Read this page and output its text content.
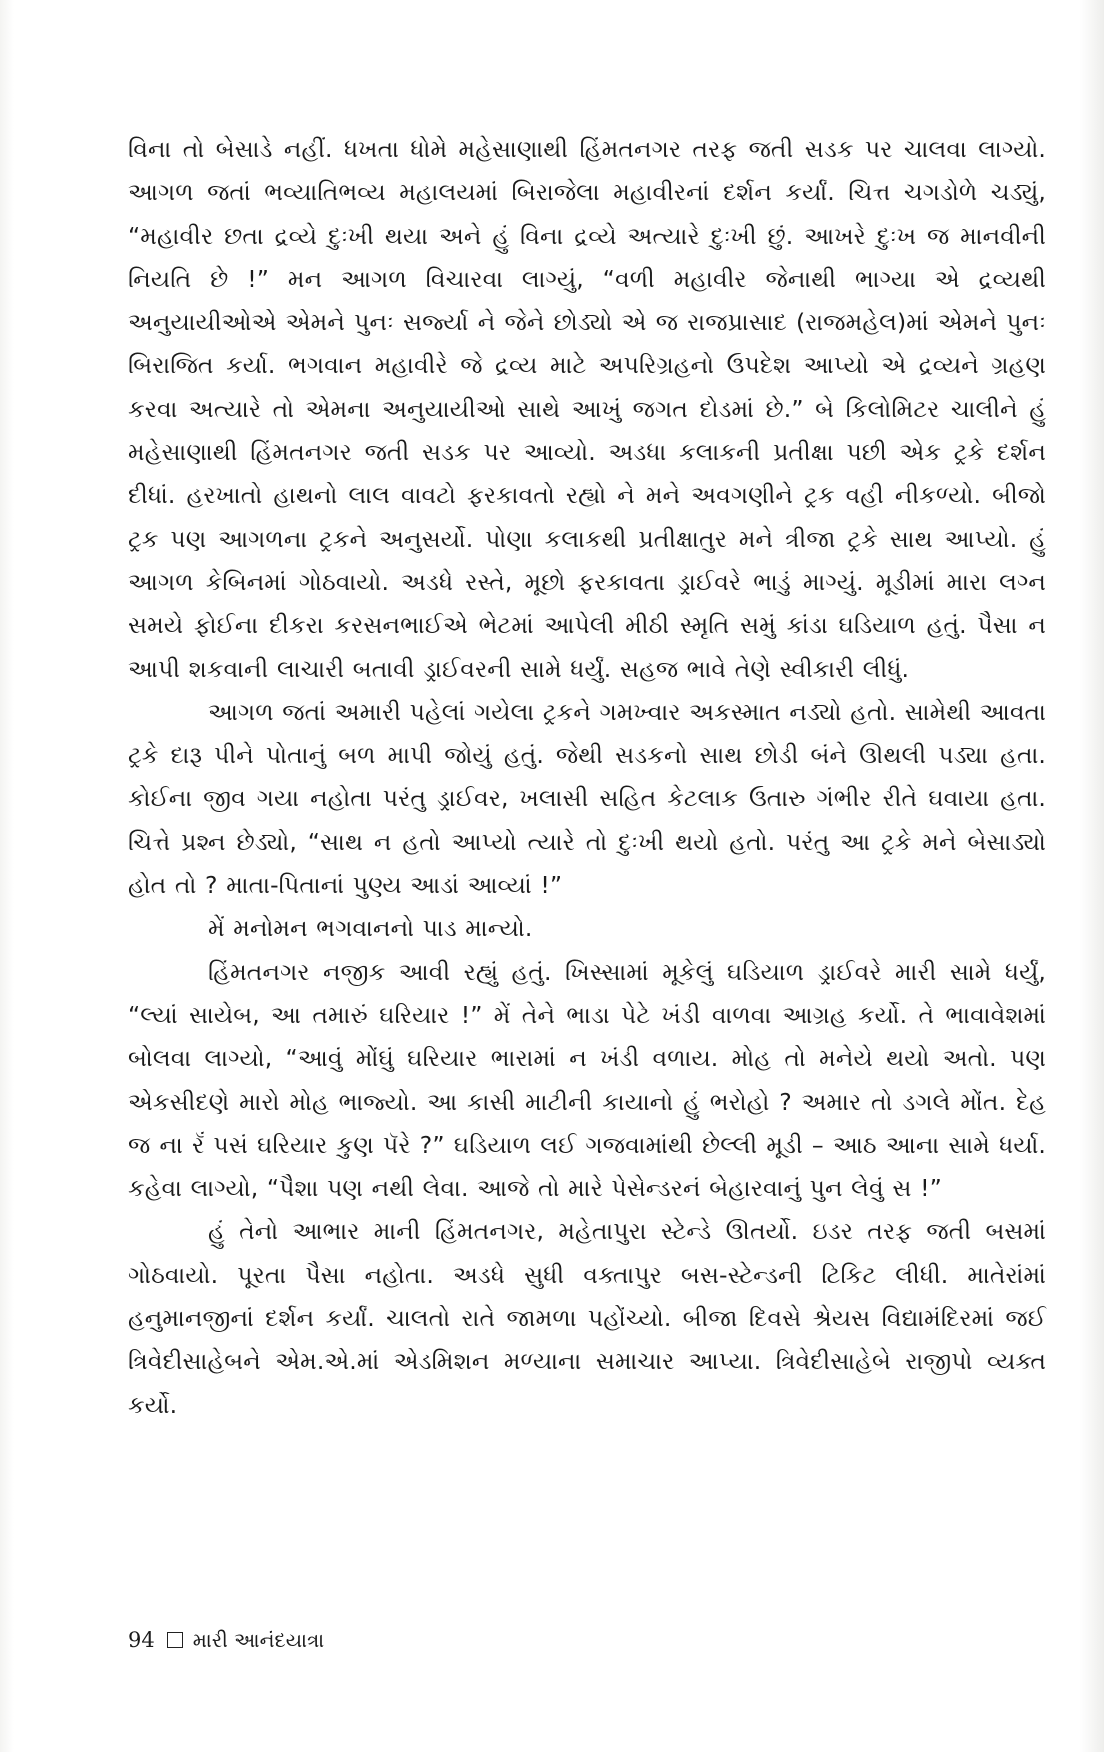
વિના તો બેસાડે નહીં. ધખતા ધોમે મહેસાણાથી હિંમતનગર તરફ જતી સડક પર ચાલવા લાગ્યો. આગળ જતાં ભવ્યાતિભવ્ય મહાલયમાં બિરાજેલા મહાવીરનાં દર્શન કર્યાં. ચિત્ત ચગડોળે ચડ્યું, “મહાવીર છતા દ્રવ્યે દુઃખી થયા અને હું વિના દ્રવ્યે અત્યારે દુઃખી છું. આખરે દુઃખ જ માનવીની નિયતિ છે !” મન આગળ વિચારવા લાગ્યું, “વળી મહાવીર જેનાથી ભાગ્યા એ દ્રવ્યથી અનુયાયીઓએ એમને પુનઃ સર્જ્યા ને જેને છોડ્યો એ જ રાજપ્રાસાદ (રાજમહેલ)માં એમને પુનઃ બિરાજિત કર્યા. ભગવાન મહાવીરે જે દ્રવ્ય માટે અપરિગ્રહનો ઉપદેશ આપ્યો એ દ્રવ્યને ગ્રહણ કરવા અત્યારે તો એમના અનુયાયીઓ સાથે આખું જગત દોડમાં છે.” બે કિલોમિટર ચાલીને હું મહેસાણાથી હિંમતનગર જતી સડક પર આવ્યો. અડધા કલાકની પ્રતીક્ષા પછી એક ટ્રકે દર્શન દીધાં. હરખાતો હાથનો લાલ વાવટો ફરકાવતો રહ્યો ને મને અવગણીને ટ્રક વહી નીકળ્યો. બીજો ટ્રક પણ આગળના ટ્રકને અનુસર્યો. પોણા કલાકથી પ્રતીક્ષાતુર મને ત્રીજા ટ્રકે સાથ આપ્યો. હું આગળ કેબિનમાં ગોઠવાયો. અડધે રસ્તે, મૂછો ફરકાવતા ડ્રાઈવરે ભાડું માગ્યું. મૂડીમાં મારા લગ્ન સમયે ફોઈના દીકરા કરસનભાઈએ ભેટમાં આપેલી મીઠી સ્મૃતિ સમું કાંડા ઘડિયાળ હતું. પૈસા ન આપી શકવાની લાચારી બતાવી ડ્રાઈવરની સામે ધર્યું. સહજ ભાવે તેણે સ્વીકારી લીધું.

આગળ જતાં અમારી પહેલાં ગયેલા ટ્રકને ગમખ્વાર અકસ્માત નડ્યો હતો. સામેથી આવતા ટ્રકે દારૂ પીને પોતાનું બળ માપી જોયું હતું. જેથી સડકનો સાથ છોડી બંને ઊથલી પડ્યા હતા. કોઈના જીવ ગયા નહોતા પરંતુ ડ્રાઈવર, ખલાસી સહિત કેટલાક ઉતારુ ગંભીર રીતે ઘવાયા હતા. ચિત્તે પ્રશ્ન છેડ્યો, “સાથ ન હતો આપ્યો ત્યારે તો દુઃખી થયો હતો. પરંતુ આ ટ્રકે મને બેસાડ્યો હોત તો ? માતા-પિતાનાં પુણ્ય આડાં આવ્યાં !”

મેં મનોમન ભગવાનનો પાડ માન્યો.

હિંમતનગર નજીક આવી રહ્યું હતું. ખિસ્સામાં મૂકેલું ઘડિયાળ ડ્રાઈવરે મારી સામે ધર્યું, “લ્યાં સાયેબ, આ તમારું ઘરિયાર !” મેં તેને ભાડા પેટે ખંડી વાળવા આગ્રહ કર્યો. તે ભાવાવેશમાં બોલવા લાગ્યો, “આવું મોંઘું ઘરિયાર ભારામાં ન ખંડી વળાય. મોહ તો મનેયે થયો અતો. પણ એકસીદણે મારો મોહ ભાજ્યો. આ કાસી માટીની કાયાનો હું ભરોહો ? અમાર તો ડગલે મોંત. દેહ જ ના રૅં પસં ઘરિયાર કુણ પૅરે ?” ઘડિયાળ લઈ ગજવામાંથી છેલ્લી મૂડી – આઠ આના સામે ધર્યા. કહેવા લાગ્યો, “પૈશા પણ નથી લેવા. આજે તો મારે પેસેન્ડરનં બેહારવાનું પુન લેવું સ !”

હું તેનો આભાર માની હિંમતનગર, મહેતાપુરા સ્ટેન્ડે ઊતર્યો. ઇડર તરફ જતી બસમાં ગોઠવાયો. પૂરતા પૈસા નહોતા. અડધે સુધી વક્તાપુર બસ-સ્ટેન્ડની ટિકિટ લીધી. માતેરાંમાં હનુમાનજીનાં દર્શન કર્યાં. ચાલતો રાતે જામળા પહોંચ્યો. બીજા દિવસે શ્રેયસ વિદ્યામંદિરમાં જઈ ત્રિવેદીસાહેબને એમ.એ.માં એડમિશન મળ્યાના સમાચાર આપ્યા. ત્રિવેદીસાહેબે રાજીપો વ્યક્ત કર્યો.

94 મારી આનંદયાત્રા
